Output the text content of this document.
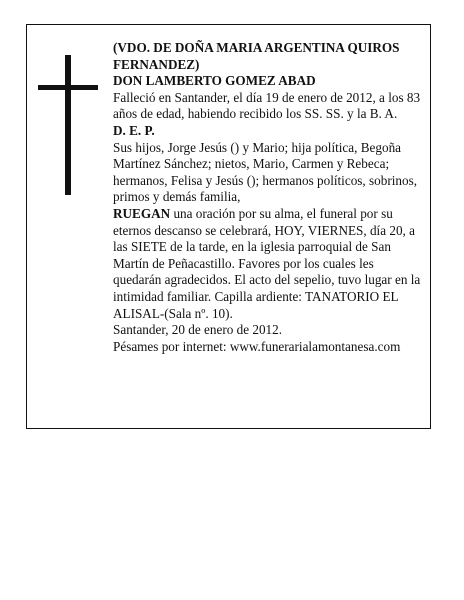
(VDO. DE DOÑA MARIA ARGENTINA QUIROS FERNANDEZ)

DON LAMBERTO GOMEZ ABAD

Falleció en Santander, el día 19 de enero de 2012, a los 83 años de edad, habiendo recibido los SS. SS. y la B. A.

D. E. P.

Sus hijos, Jorge Jesús () y Mario; hija política, Begoña Martínez Sánchez; nietos, Mario, Carmen y Rebeca; hermanos, Felisa y Jesús (); hermanos políticos, sobrinos, primos y demás familia,

RUEGAN una oración por su alma, el funeral por su eternos descanso se celebrará, HOY, VIERNES, día 20, a las SIETE de la tarde, en la iglesia parroquial de San Martín de Peñacastillo. Favores por los cuales les quedarán agradecidos. El acto del sepelio, tuvo lugar en la intimidad familiar. Capilla ardiente: TANATORIO EL ALISAL-(Sala nº. 10).

Santander, 20 de enero de 2012.

Pésames por internet: www.funerarialamontanesa.com
